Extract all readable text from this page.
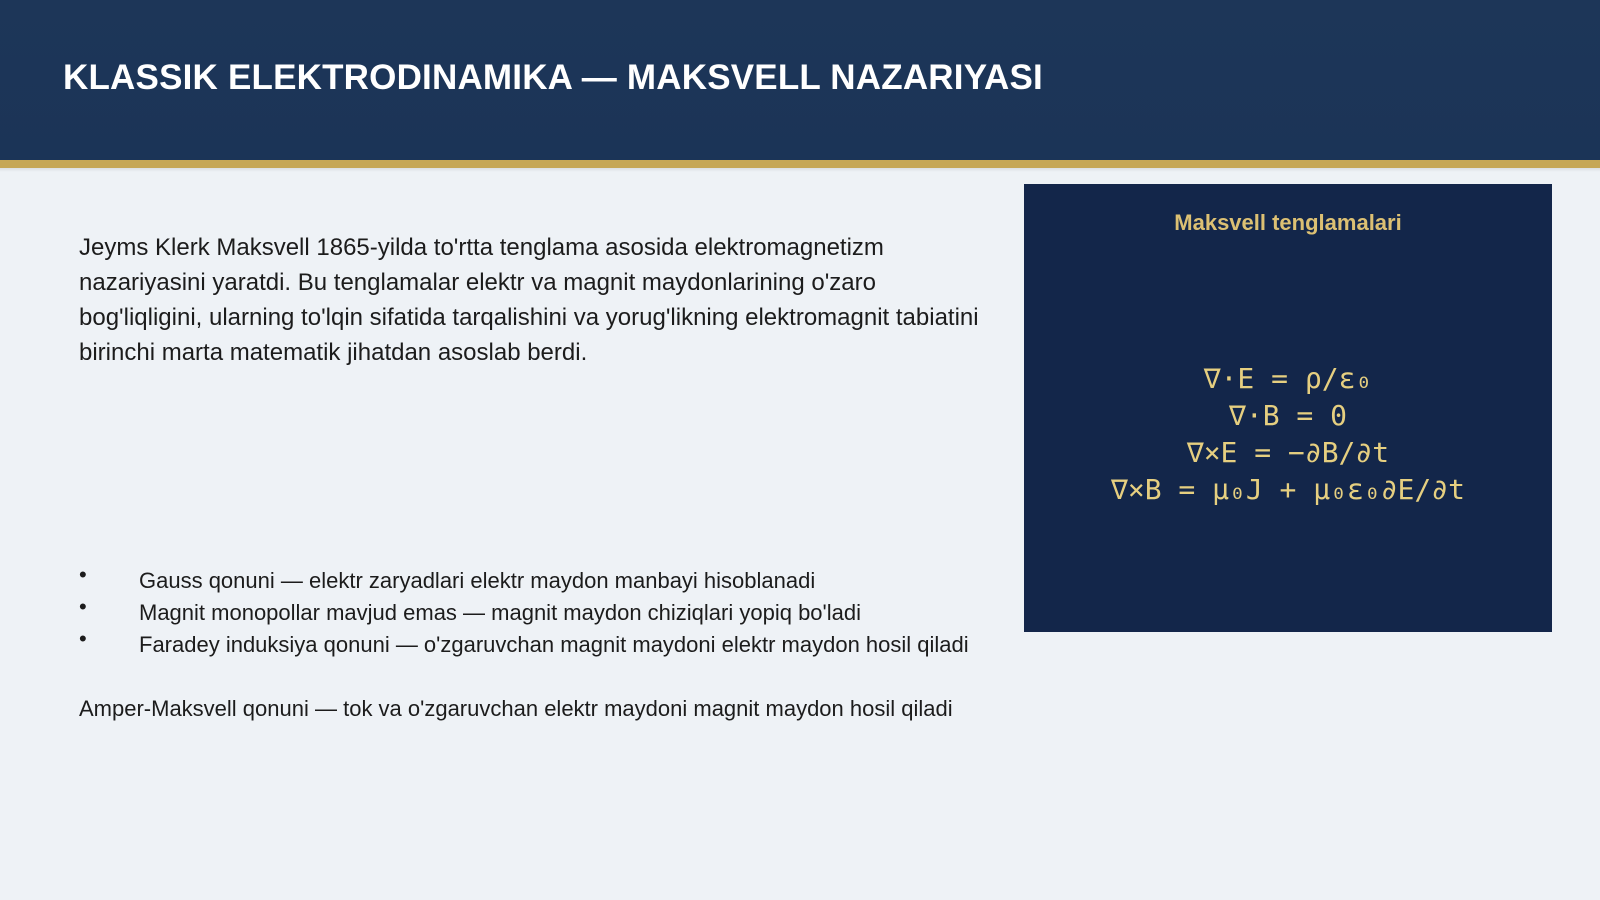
KLASSIK ELEKTRODINAMIKA — MAKSVELL NAZARIYASI

Jeyms Klerk Maksvell 1865-yilda to'rtta tenglama asosida elektromagnetizm nazariyasini yaratdi. Bu tenglamalar elektr va magnit maydonlarining o'zaro bog'liqligini, ularning to'lqin sifatida tarqalishini va yorug'likning elektromagnit tabiatini birinchi marta matematik jihatdan asoslab berdi.

• Gauss qonuni — elektr zaryadlari elektr maydon manbayi hisoblanadi
• Magnit monopollar mavjud emas — magnit maydon chiziqlari yopiq bo'ladi
• Faradey induksiya qonuni — o'zgaruvchan magnit maydoni elektr maydon hosil qiladi

Amper-Maksvell qonuni — tok va o'zgaruvchan elektr maydoni magnit maydon hosil qiladi

Maksvell tenglamalari
∇·E = ρ/ε₀
∇·B = 0
∇×E = −∂B/∂t
∇×B = μ₀J + μ₀ε₀∂E/∂t
